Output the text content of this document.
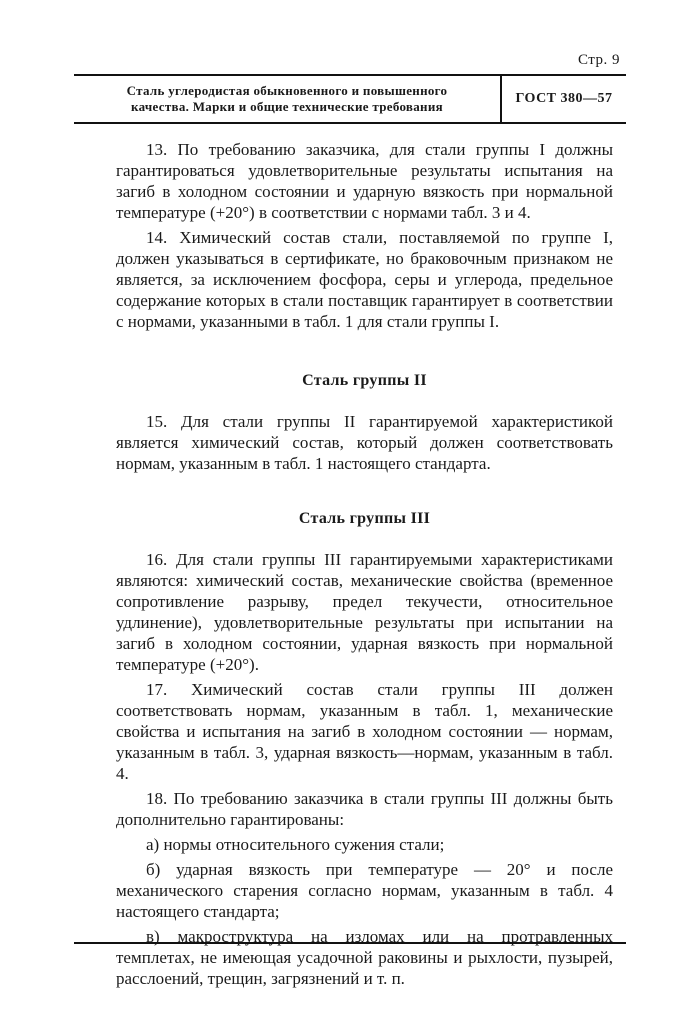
Стр. 9
Сталь углеродистая обыкновенного и повышенного
качества. Марки и общие технические требования
ГОСТ 380—57

13. По требованию заказчика, для стали группы I должны гарантироваться удовлетворительные результаты испытания на загиб в холодном состоянии и ударную вязкость при нормальной температуре (+20°) в соответствии с нормами табл. 3 и 4.

14. Химический состав стали, поставляемой по группе I, должен указываться в сертификате, но браковочным признаком не является, за исключением фосфора, серы и углерода, предельное содержание которых в стали поставщик гарантирует в соответствии с нормами, указанными в табл. 1 для стали группы I.

Сталь группы II

15. Для стали группы II гарантируемой характеристикой является химический состав, который должен соответствовать нормам, указанным в табл. 1 настоящего стандарта.

Сталь группы III

16. Для стали группы III гарантируемыми характеристиками являются: химический состав, механические свойства (временное сопротивление разрыву, предел текучести, относительное удлинение), удовлетворительные результаты при испытании на загиб в холодном состоянии, ударная вязкость при нормальной температуре (+20°).

17. Химический состав стали группы III должен соответствовать нормам, указанным в табл. 1, механические свойства и испытания на загиб в холодном состоянии — нормам, указанным в табл. 3, ударная вязкость—нормам, указанным в табл. 4.

18. По требованию заказчика в стали группы III должны быть дополнительно гарантированы:

а) нормы относительного сужения стали;

б) ударная вязкость при температуре — 20° и после механического старения согласно нормам, указанным в табл. 4 настоящего стандарта;

в) макроструктура на изломах или на протравленных темплетах, не имеющая усадочной раковины и рыхлости, пузырей, расслоений, трещин, загрязнений и т. п.
